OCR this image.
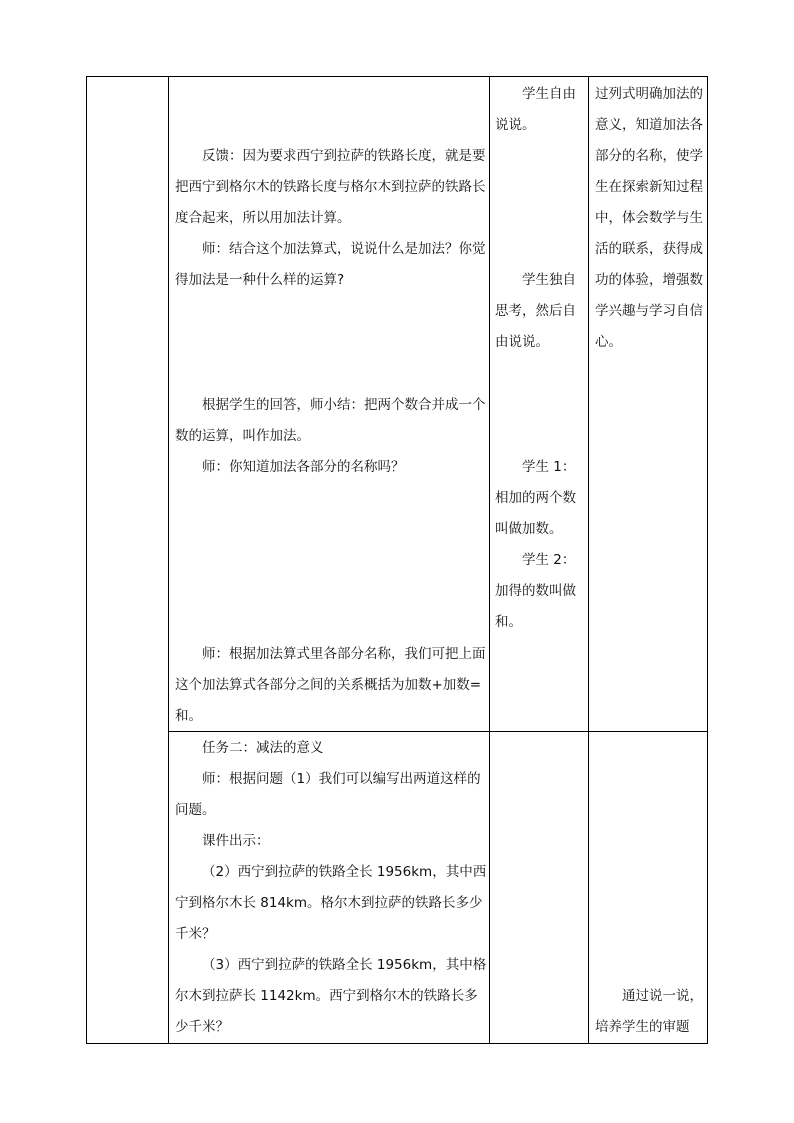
反馈：因为要求西宁到拉萨的铁路长度，就是要把西宁到格尔木的铁路长度与格尔木到拉萨的铁路长度合起来，所以用加法计算。

师：结合这个加法算式，说说什么是加法？你觉得加法是一种什么样的运算?

根据学生的回答，师小结：把两个数合并成一个数的运算，叫作加法。

师：你知道加法各部分的名称吗？

师：根据加法算式里各部分名称，我们可把上面这个加法算式各部分之间的关系概括为加数+加数=和。

学生自由说说。

学生独自思考，然后自由说说。

学生 1：相加的两个数叫做加数。

学生 2：加得的数叫做和。

过列式明确加法的意义，知道加法各部分的名称，使学生在探索新知过程中，体会数学与生活的联系，获得成功的体验，增强数学兴趣与学习自信心。

任务二：减法的意义

师：根据问题（1）我们可以编写出两道这样的问题。

课件出示：

（2）西宁到拉萨的铁路全长 1956km，其中西宁到格尔木长 814km。格尔木到拉萨的铁路长多少千米？

（3）西宁到拉萨的铁路全长 1956km，其中格尔木到拉萨长 1142km。西宁到格尔木的铁路长多少千米？

通过说一说，培养学生的审题
